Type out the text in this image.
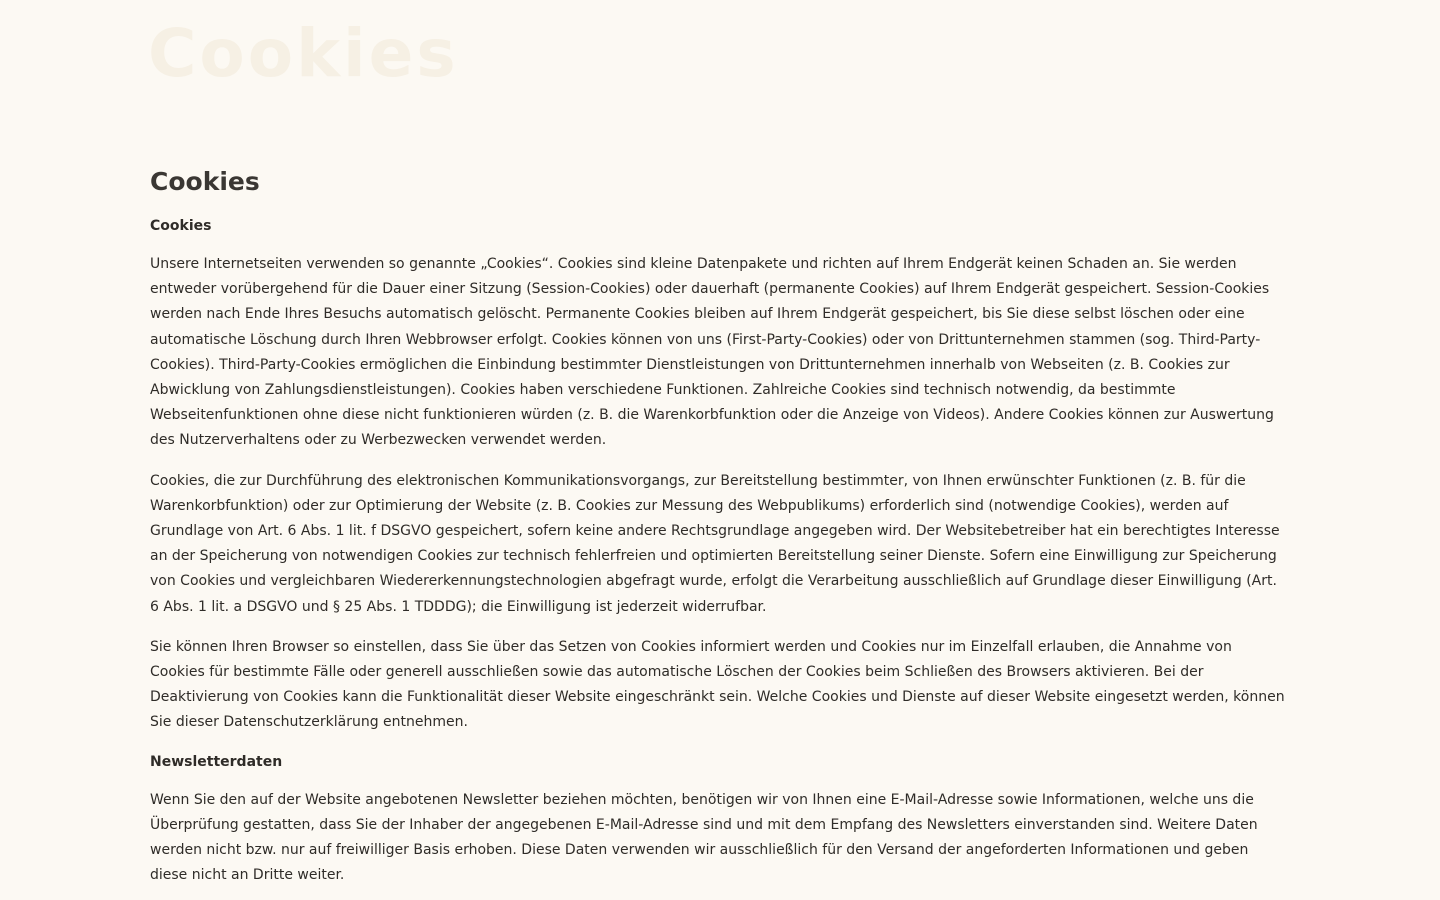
Cookies
Cookies
Cookies

Unsere Internetseiten verwenden so genannte „Cookies“. Cookies sind kleine Datenpakete und richten auf Ihrem Endgerät keinen Schaden an. Sie werden entweder vorübergehend für die Dauer einer Sitzung (Session-Cookies) oder dauerhaft (permanente Cookies) auf Ihrem Endgerät gespeichert. Session-Cookies werden nach Ende Ihres Besuchs automatisch gelöscht. Permanente Cookies bleiben auf Ihrem Endgerät gespeichert, bis Sie diese selbst löschen oder eine automatische Löschung durch Ihren Webbrowser erfolgt. Cookies können von uns (First-Party-Cookies) oder von Drittunternehmen stammen (sog. Third-Party-Cookies). Third-Party-Cookies ermöglichen die Einbindung bestimmter Dienstleistungen von Drittunternehmen innerhalb von Webseiten (z. B. Cookies zur Abwicklung von Zahlungsdienstleistungen). Cookies haben verschiedene Funktionen. Zahlreiche Cookies sind technisch notwendig, da bestimmte Webseitenfunktionen ohne diese nicht funktionieren würden (z. B. die Warenkorbfunktion oder die Anzeige von Videos). Andere Cookies können zur Auswertung des Nutzerverhaltens oder zu Werbezwecken verwendet werden.

Cookies, die zur Durchführung des elektronischen Kommunikationsvorgangs, zur Bereitstellung bestimmter, von Ihnen erwünschter Funktionen (z. B. für die Warenkorbfunktion) oder zur Optimierung der Website (z. B. Cookies zur Messung des Webpublikums) erforderlich sind (notwendige Cookies), werden auf Grundlage von Art. 6 Abs. 1 lit. f DSGVO gespeichert, sofern keine andere Rechtsgrundlage angegeben wird. Der Websitebetreiber hat ein berechtigtes Interesse an der Speicherung von notwendigen Cookies zur technisch fehlerfreien und optimierten Bereitstellung seiner Dienste. Sofern eine Einwilligung zur Speicherung von Cookies und vergleichbaren Wiedererkennungstechnologien abgefragt wurde, erfolgt die Verarbeitung ausschließlich auf Grundlage dieser Einwilligung (Art. 6 Abs. 1 lit. a DSGVO und § 25 Abs. 1 TDDDG); die Einwilligung ist jederzeit widerrufbar.

Sie können Ihren Browser so einstellen, dass Sie über das Setzen von Cookies informiert werden und Cookies nur im Einzelfall erlauben, die Annahme von Cookies für bestimmte Fälle oder generell ausschließen sowie das automatische Löschen der Cookies beim Schließen des Browsers aktivieren. Bei der Deaktivierung von Cookies kann die Funktionalität dieser Website eingeschränkt sein. Welche Cookies und Dienste auf dieser Website eingesetzt werden, können Sie dieser Datenschutzerklärung entnehmen.

Newsletterdaten

Wenn Sie den auf der Website angebotenen Newsletter beziehen möchten, benötigen wir von Ihnen eine E-Mail-Adresse sowie Informationen, welche uns die Überprüfung gestatten, dass Sie der Inhaber der angegebenen E-Mail-Adresse sind und mit dem Empfang des Newsletters einverstanden sind. Weitere Daten werden nicht bzw. nur auf freiwilliger Basis erhoben. Diese Daten verwenden wir ausschließlich für den Versand der angeforderten Informationen und geben diese nicht an Dritte weiter.
